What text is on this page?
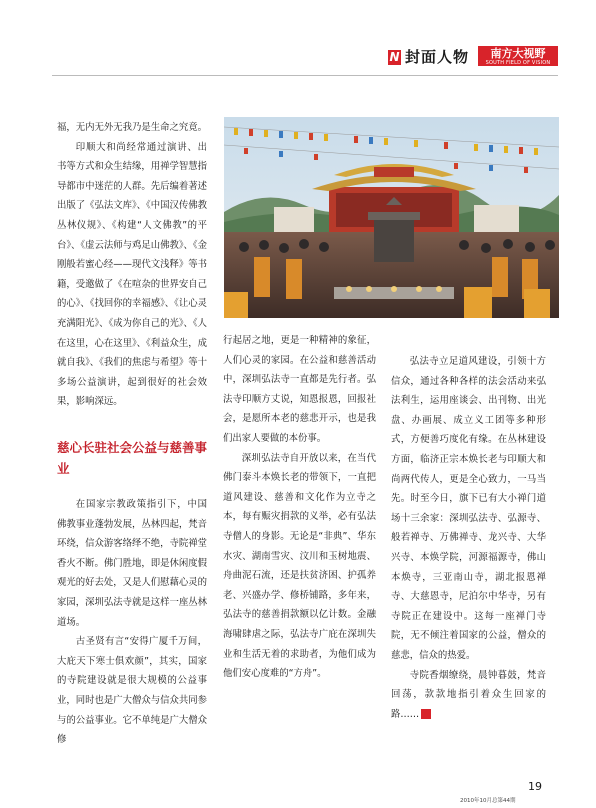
N 封面人物	南方大视野
SOUTH FIELD OF VISION

福，无内无外无我乃是生命之究竟。

印顺大和尚经常通过演讲、出书等方式和众生结缘，用禅学智慧指导都市中迷茫的人群。先后编着著述出版了《弘法文库》、《中国汉传佛教丛林仪规》、《构建“人文佛教”的平台》、《虚云法师与鸡足山佛教》、《金刚般若蜜心经——现代文浅释》等书籍，受邀做了《在喧杂的世界安自己的心》、《找回你的幸福感》、《让心灵充满阳光》、《成为你自己的光》、《人在这里，心在这里》、《利益众生，成就自我》、《我们的焦虑与希望》等十多场公益演讲，起到很好的社会效果，影响深远。

慈心长驻社会公益与慈善事业

在国家宗教政策指引下，中国佛教事业蓬勃发展，丛林四起，梵音环绕，信众游客络绎不绝，寺院禅堂香火不断。佛门胜地，即是休闲度假观光的好去处，又是人们慰藉心灵的家园，深圳弘法寺就是这样一座丛林道场。

古圣贤有言“安得广厦千万间，大庇天下寒士俱欢颜”，其实，国家的寺院建设就是很大规模的公益事业，同时也是广大僧众与信众共同参与的公益事业。它不单纯是广大僧众修

行起居之地，更是一种精神的象征，人们心灵的家园。在公益和慈善活动中，深圳弘法寺一直都是先行者。弘法寺印顺方丈说，知恩报恩，回报社会，是愿所本老的慈悲开示，也是我们出家人要做的本份事。

深圳弘法寺自开放以来，在当代佛门泰斗本焕长老的带领下，一直把道风建设、慈善和文化作为立寺之本，每有赈灾捐款的义举，必有弘法寺僧人的身影。无论是“非典”、华东水灾、湖南雪灾、汶川和玉树地震、舟曲泥石流，还是扶贫济困、护孤养老、兴盛办学、修桥铺路，多年来，弘法寺的慈善捐款额以亿计数。金融海啸肆虐之际，弘法寺广庇在深圳失业和生活无着的求助者，为他们成为他们安心度难的“方舟”。

弘法寺立足道风建设，引领十方信众，通过各种各样的法会活动来弘法利生，运用座谈会、出刊物、出光盘、办画展、成立义工团等多种形式，方便善巧度化有缘。在丛林建设方面，临济正宗本焕长老与印顺大和尚两代传人，更是全心致力，一马当先。时至今日，旗下已有大小禅门道场十三余家：深圳弘法寺、弘源寺、般若禅寺、万佛禅寺、龙兴寺、大华兴寺、本焕学院，河源福源寺，佛山本焕寺，三亚南山寺，湖北报恩禅寺、大慈恩寺，尼泊尔中华寺，另有寺院正在建设中。这每一座禅门寺院，无不倾注着国家的公益，僧众的慈悲，信众的热爱。

寺院香烟缭绕，晨钟暮鼓，梵音回荡，款款地指引着众生回家的路……	N

19
2010年10月总第44期
